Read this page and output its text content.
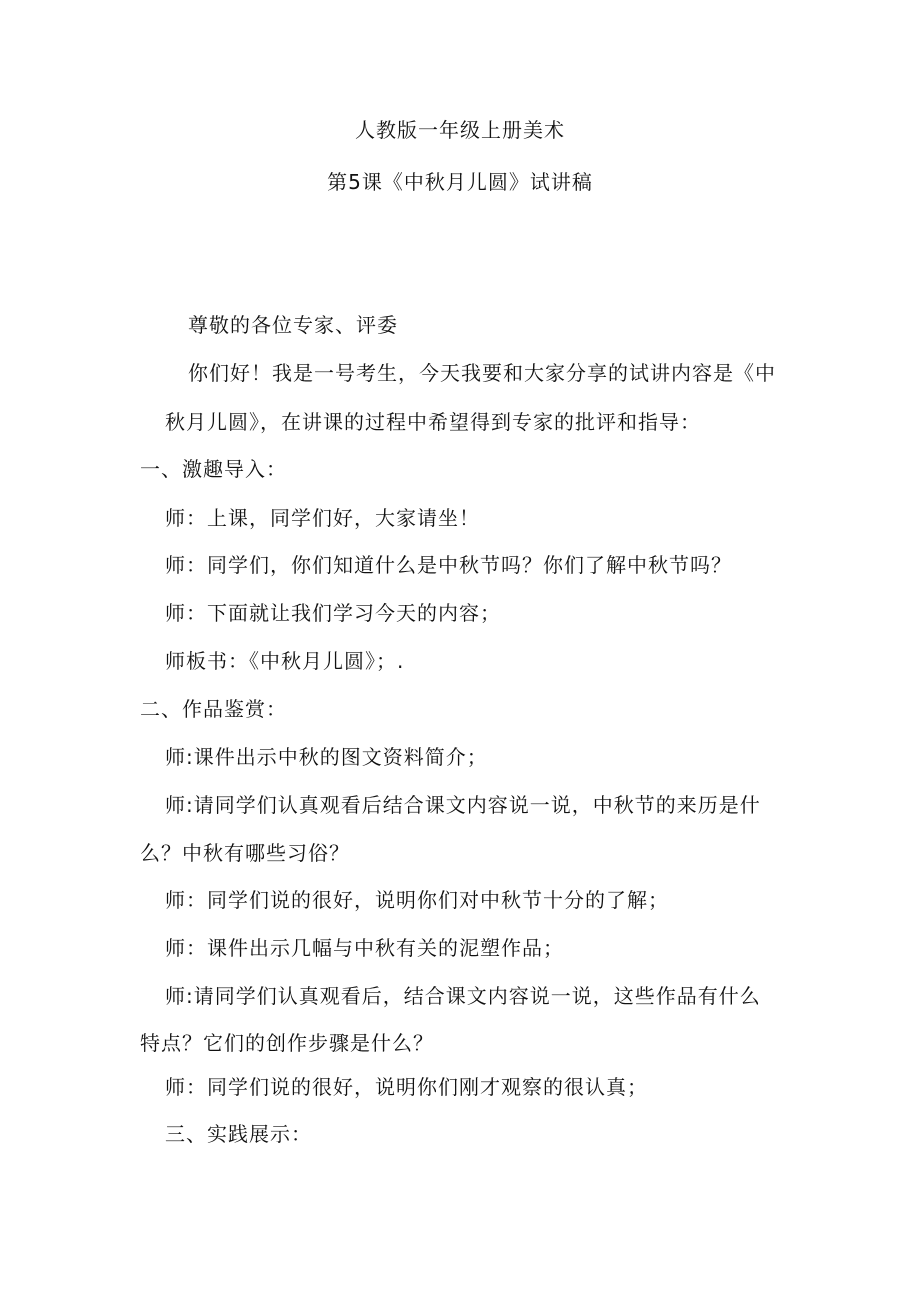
人教版一年级上册美术
第5课《中秋月儿圆》试讲稿
尊敬的各位专家、评委
你们好！我是一号考生，今天我要和大家分享的试讲内容是《中
秋月儿圆》，在讲课的过程中希望得到专家的批评和指导：
一、激趣导入：
师：上课，同学们好，大家请坐！
师：同学们，你们知道什么是中秋节吗？你们了解中秋节吗？
师：下面就让我们学习今天的内容；
师板书：《中秋月儿圆》；.
二、作品鉴赏：
师:课件出示中秋的图文资料简介；
师:请同学们认真观看后结合课文内容说一说，中秋节的来历是什
么？中秋有哪些习俗？
师：同学们说的很好，说明你们对中秋节十分的了解；
师：课件出示几幅与中秋有关的泥塑作品；
师:请同学们认真观看后，结合课文内容说一说，这些作品有什么
特点？它们的创作步骤是什么？
师：同学们说的很好，说明你们刚才观察的很认真；
三、实践展示：
